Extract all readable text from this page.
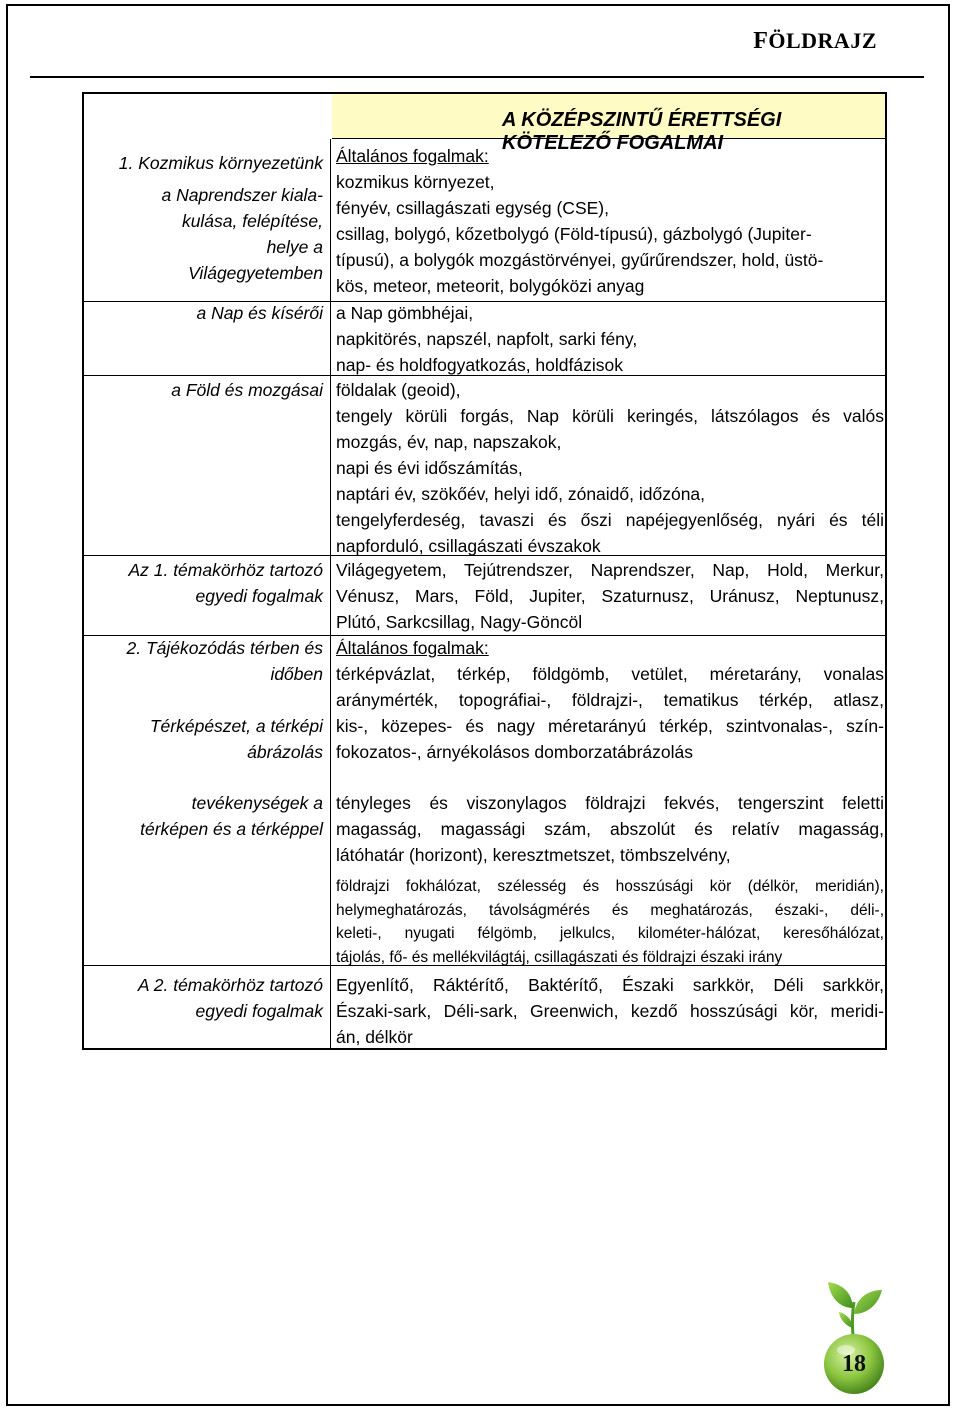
FÖLDRAJZ
A KÖZÉPSZINTŰ ÉRETTSÉGI KÖTELEZŐ FOGALMAI
1. Kozmikus környezetünk
a Naprendszer kiala-
kulása, felépítése,
helye a
Világegyetemben
Általános fogalmak:
kozmikus környezet,
fényév, csillagászati egység (CSE),
csillag, bolygó, kőzetbolygó (Föld-típusú), gázbolygó (Jupiter-
típusú), a bolygók mozgástörvényei, gyűrűrendszer, hold, üstö-
kös, meteor, meteorit, bolygóközi anyag
a Nap és kísérői a Nap gömbhéjai,
napkitörés, napszél, napfolt, sarki fény,
nap- és holdfogyatkozás, holdfázisok
a Föld és mozgásai földalak (geoid),
tengely körüli forgás, Nap körüli keringés, látszólagos és valós
mozgás, év, nap, napszakok,
napi és évi időszámítás,
naptári év, szökőév, helyi idő, zónaidő, időzóna,
tengelyferdeség, tavaszi és őszi napéjegyenlőség, nyári és téli
napforduló, csillagászati évszakok
Az 1. témakörhöz tartozó
egyedi fogalmak
Világegyetem, Tejútrendszer, Naprendszer, Nap, Hold, Merkur,
Vénusz, Mars, Föld, Jupiter, Szaturnusz, Uránusz, Neptunusz,
Plútó, Sarkcsillag, Nagy-Göncöl
2. Tájékozódás térben és
időben
Térképészet, a térképi
ábrázolás
Általános fogalmak:
térképvázlat, térkép, földgömb, vetület, méretarány, vonalas
aránymérték, topográfiai-, földrajzi-, tematikus térkép, atlasz,
kis-, közepes- és nagy méretarányú térkép, szintvonalas-, szín-
fokozatos-, árnyékolásos domborzatábrázolás
tevékenységek a
térképen és a térképpel
tényleges és viszonylagos földrajzi fekvés, tengerszint feletti
magasság, magassági szám, abszolút és relatív magasság,
látóhatár (horizont), keresztmetszet, tömbszelvény,
földrajzi fokhálózat, szélesség és hosszúsági kör (délkör, meridián),
helymeghatározás, távolságmérés és meghatározás, északi-, déli-,
keleti-, nyugati félgömb, jelkulcs, kilométer-hálózat, keresőhálózat,
tájolás, fő- és mellékvilágtáj, csillagászati és földrajzi északi irány
A 2. témakörhöz tartozó
egyedi fogalmak
Egyenlítő, Ráktérítő, Baktérítő, Északi sarkkör, Déli sarkkör,
Északi-sark, Déli-sark, Greenwich, kezdő hosszúsági kör, meridi-
án, délkör
18
